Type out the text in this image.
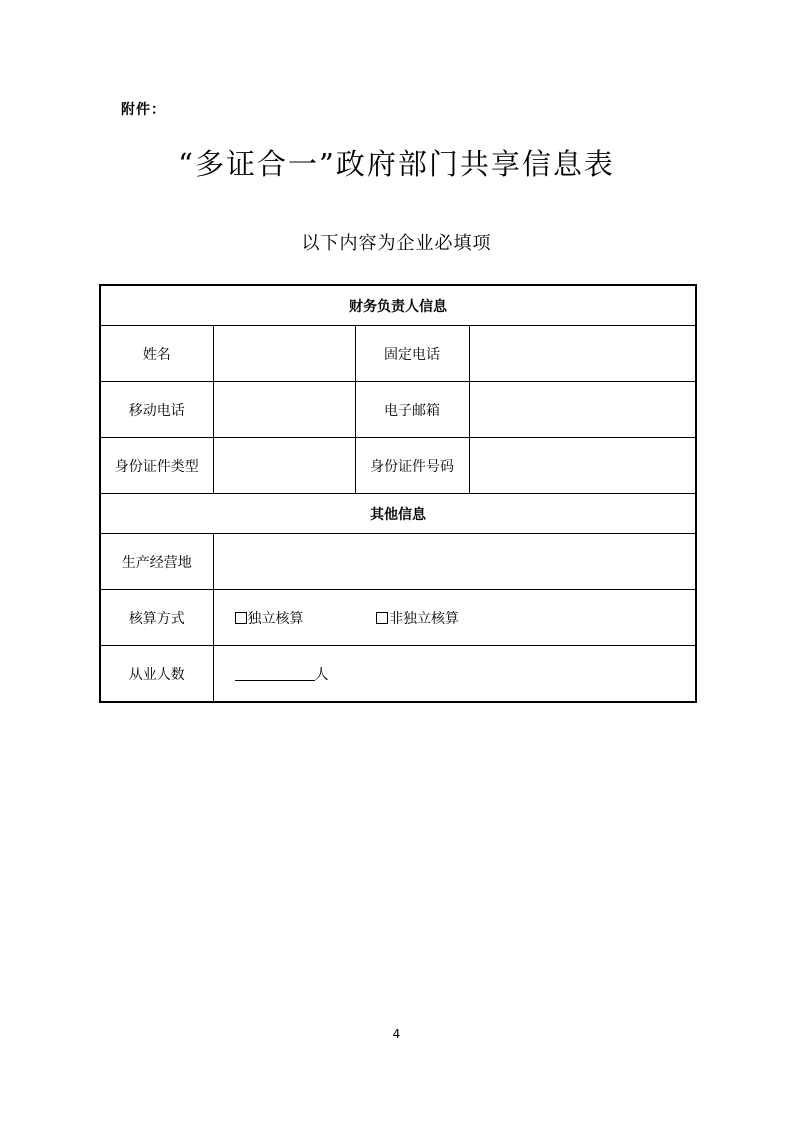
附件：
“多证合一”政府部门共享信息表
以下内容为企业必填项
财务负责人信息			
姓名		固定电话	
移动电话		电子邮箱	
身份证件类型		身份证件号码	
其他信息			
生产经营地			
核算方式	独立核算 非独立核算		
从业人数	人		
4
